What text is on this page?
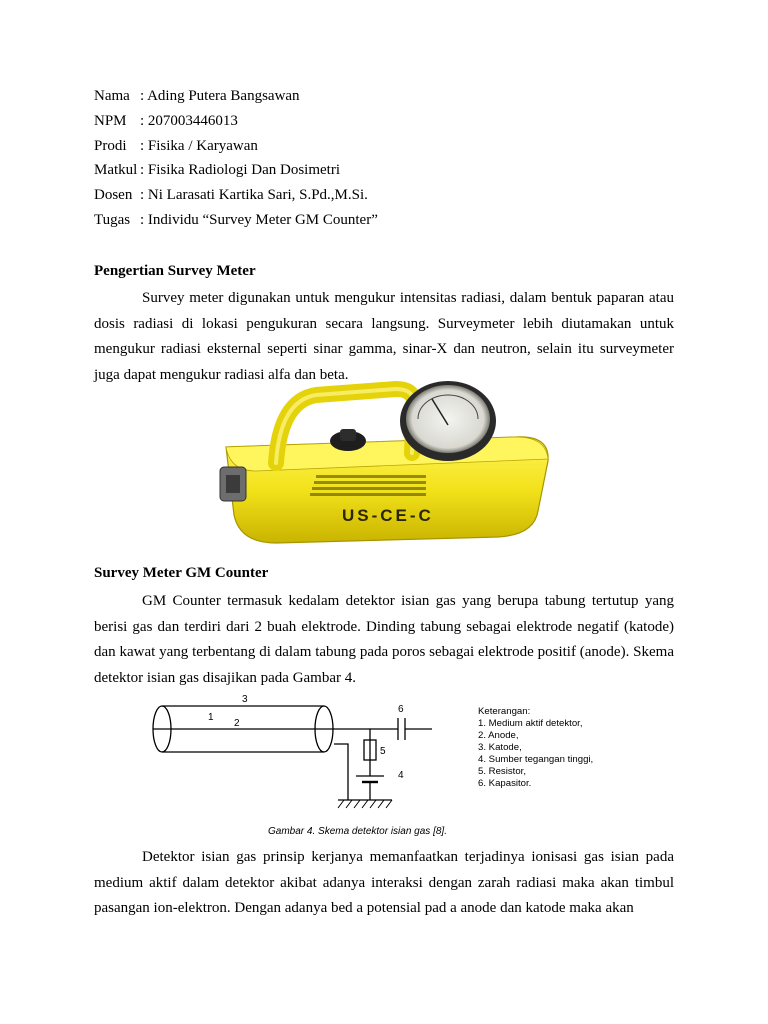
Nama : Ading Putera Bangsawan
NPM : 207003446013
Prodi : Fisika / Karyawan
Matkul : Fisika Radiologi Dan Dosimetri
Dosen : Ni Larasati Kartika Sari, S.Pd.,M.Si.
Tugas : Individu “Survey Meter GM Counter”
Pengertian Survey Meter

Survey meter digunakan untuk mengukur intensitas radiasi, dalam bentuk paparan atau dosis radiasi di lokasi pengukuran secara langsung. Surveymeter lebih diutamakan untuk mengukur radiasi eksternal seperti sinar gamma, sinar-X dan neutron, selain itu surveymeter juga dapat mengukur radiasi alfa dan beta.

US-CE-C
Survey Meter GM Counter

GM Counter termasuk kedalam detektor isian gas yang berupa tabung tertutup yang berisi gas dan terdiri dari 2 buah elektrode. Dinding tabung sebagai elektrode negatif (katode) dan kawat yang terbentang di dalam tabung pada poros sebagai elektrode positif (anode). Skema detektor isian gas disajikan pada Gambar 4.

1
2
3
4
5
6	Keterangan:
1. Medium aktif detektor,
2. Anode,
3. Katode,
4. Sumber tegangan tinggi,
5. Resistor,
6. Kapasitor.
Gambar 4. Skema detektor isian gas [8].

Detektor isian gas prinsip kerjanya memanfaatkan terjadinya ionisasi gas isian pada medium aktif dalam detektor akibat adanya interaksi dengan zarah radiasi maka akan timbul pasangan ion-elektron. Dengan adanya bed a potensial pad a anode dan katode maka akan
